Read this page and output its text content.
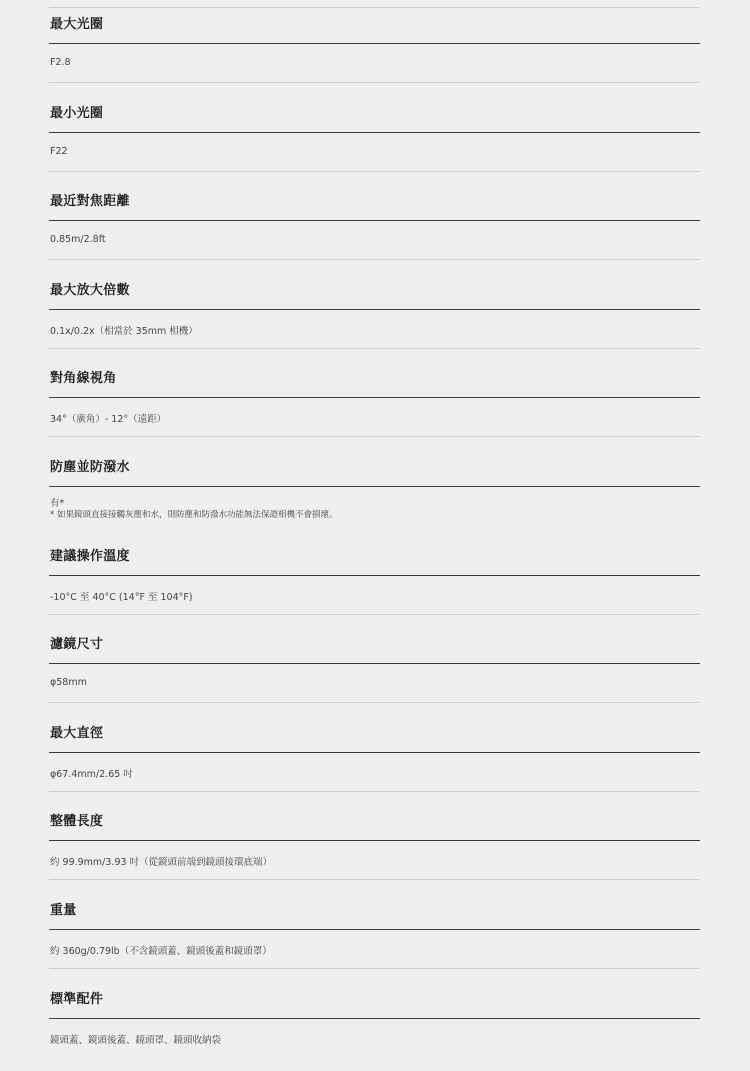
最大光圈
F2.8
最小光圈
F22
最近對焦距離
0.85m/2.8ft
最大放大倍數
0.1x/0.2x（相當於 35mm 相機）
對角線視角
34°（廣角）- 12°（遠距）
防塵並防潑水
有*
* 如果鏡頭直接接觸灰塵和水，則防塵和防潑水功能無法保證相機不會損壞。
建議操作溫度
-10°C 至 40°C (14°F 至 104°F)
濾鏡尺寸
φ58mm
最大直徑
φ67.4mm/2.65 吋
整體長度
約 99.9mm/3.93 吋（從鏡頭前端到鏡頭接環底端）
重量
約 360g/0.79lb（不含鏡頭蓋、鏡頭後蓋和鏡頭罩）
標準配件
鏡頭蓋、鏡頭後蓋、鏡頭罩、鏡頭收納袋
